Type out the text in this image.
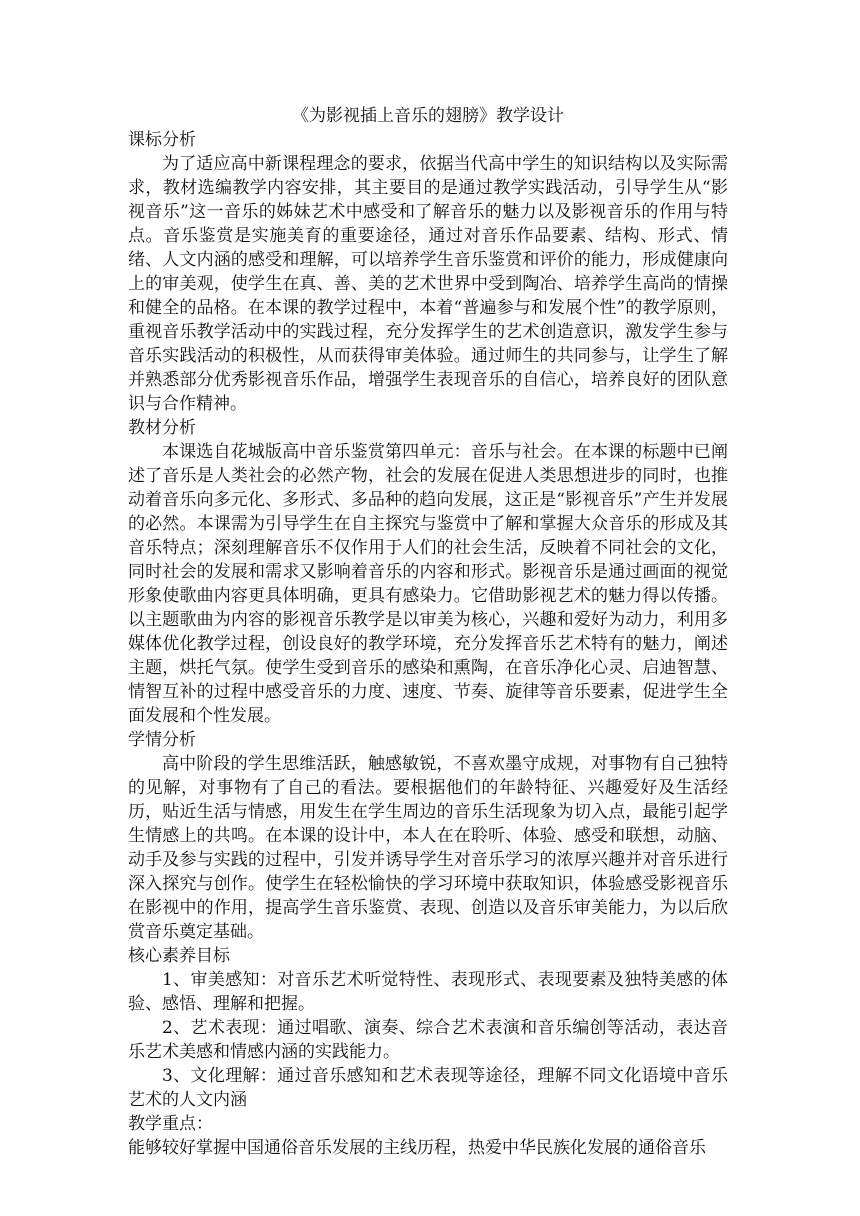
《为影视插上音乐的翅膀》教学设计
课标分析

为了适应高中新课程理念的要求，依据当代高中学生的知识结构以及实际需求，教材选编教学内容安排，其主要目的是通过教学实践活动，引导学生从“影视音乐”这一音乐的姊妹艺术中感受和了解音乐的魅力以及影视音乐的作用与特点。音乐鉴赏是实施美育的重要途径，通过对音乐作品要素、结构、形式、情绪、人文内涵的感受和理解，可以培养学生音乐鉴赏和评价的能力，形成健康向上的审美观，使学生在真、善、美的艺术世界中受到陶冶、培养学生高尚的情操和健全的品格。在本课的教学过程中，本着“普遍参与和发展个性”的教学原则，重视音乐教学活动中的实践过程，充分发挥学生的艺术创造意识，激发学生参与音乐实践活动的积极性，从而获得审美体验。通过师生的共同参与，让学生了解并熟悉部分优秀影视音乐作品，增强学生表现音乐的自信心，培养良好的团队意识与合作精神。

教材分析

本课选自花城版高中音乐鉴赏第四单元：音乐与社会。在本课的标题中已阐述了音乐是人类社会的必然产物，社会的发展在促进人类思想进步的同时，也推动着音乐向多元化、多形式、多品种的趋向发展，这正是“影视音乐”产生并发展的必然。本课需为引导学生在自主探究与鉴赏中了解和掌握大众音乐的形成及其音乐特点；深刻理解音乐不仅作用于人们的社会生活，反映着不同社会的文化，同时社会的发展和需求又影响着音乐的内容和形式。影视音乐是通过画面的视觉形象使歌曲内容更具体明确，更具有感染力。它借助影视艺术的魅力得以传播。以主题歌曲为内容的影视音乐教学是以审美为核心，兴趣和爱好为动力，利用多媒体优化教学过程，创设良好的教学环境，充分发挥音乐艺术特有的魅力，阐述主题，烘托气氛。使学生受到音乐的感染和熏陶，在音乐净化心灵、启迪智慧、情智互补的过程中感受音乐的力度、速度、节奏、旋律等音乐要素，促进学生全面发展和个性发展。

学情分析

高中阶段的学生思维活跃，触感敏锐，不喜欢墨守成规，对事物有自己独特的见解，对事物有了自己的看法。要根据他们的年龄特征、兴趣爱好及生活经历，贴近生活与情感，用发生在学生周边的音乐生活现象为切入点，最能引起学生情感上的共鸣。在本课的设计中，本人在在聆听、体验、感受和联想，动脑、动手及参与实践的过程中，引发并诱导学生对音乐学习的浓厚兴趣并对音乐进行深入探究与创作。使学生在轻松愉快的学习环境中获取知识，体验感受影视音乐在影视中的作用，提高学生音乐鉴赏、表现、创造以及音乐审美能力，为以后欣赏音乐奠定基础。

核心素养目标

1、审美感知：对音乐艺术听觉特性、表现形式、表现要素及独特美感的体验、感悟、理解和把握。

2、艺术表现：通过唱歌、演奏、综合艺术表演和音乐编创等活动，表达音乐艺术美感和情感内涵的实践能力。

3、文化理解：通过音乐感知和艺术表现等途径，理解不同文化语境中音乐艺术的人文内涵

教学重点：

能够较好掌握中国通俗音乐发展的主线历程，热爱中华民族化发展的通俗音乐
